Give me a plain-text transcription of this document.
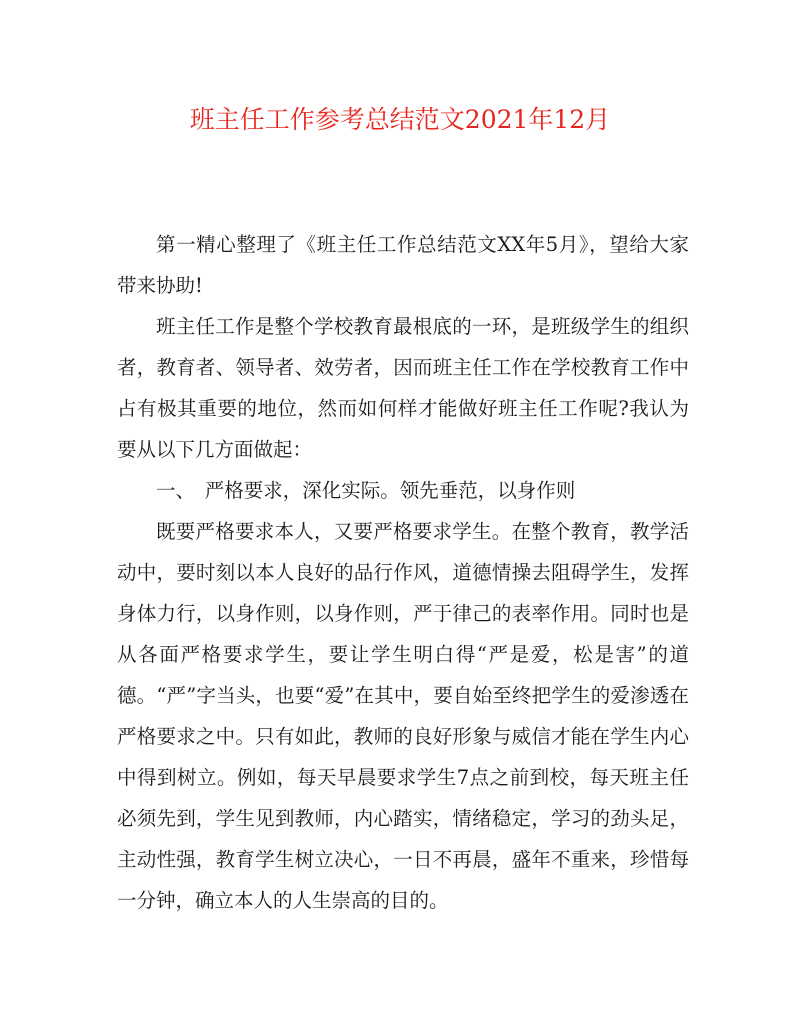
班主任工作参考总结范文2021年12月

第一精心整理了《班主任工作总结范文XX年5月》，望给大家带来协助!

班主任工作是整个学校教育最根底的一环，是班级学生的组织者，教育者、领导者、效劳者，因而班主任工作在学校教育工作中占有极其重要的地位，然而如何样才能做好班主任工作呢?我认为要从以下几方面做起：

一、　严格要求，深化实际。领先垂范，以身作则

既要严格要求本人，又要严格要求学生。在整个教育，教学活动中，要时刻以本人良好的品行作风，道德情操去阻碍学生，发挥身体力行，以身作则，以身作则，严于律己的表率作用。同时也是从各面严格要求学生，要让学生明白得“严是爱，松是害”的道德。“严”字当头，也要“爱”在其中，要自始至终把学生的爱渗透在严格要求之中。只有如此，教师的良好形象与威信才能在学生内心中得到树立。例如，每天早晨要求学生7点之前到校，每天班主任必须先到，学生见到教师，内心踏实，情绪稳定，学习的劲头足，主动性强，教育学生树立决心，一日不再晨，盛年不重来，珍惜每一分钟，确立本人的人生崇高的目的。
